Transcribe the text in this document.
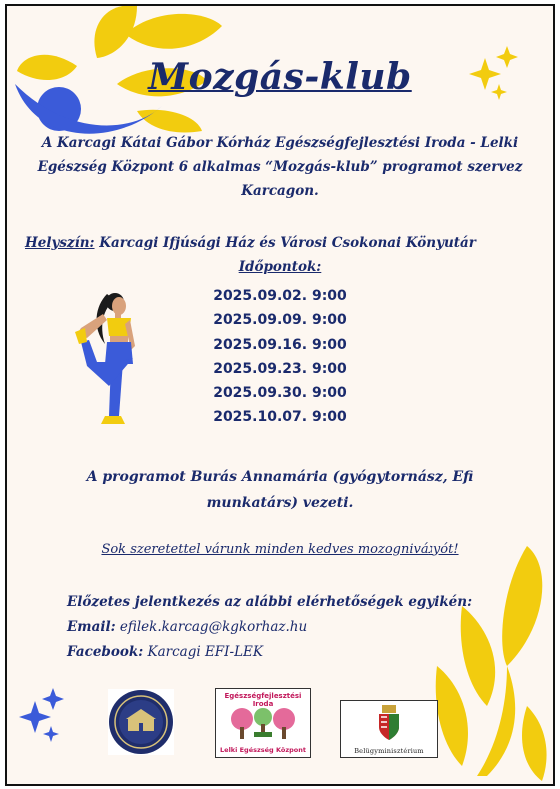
Mozgás-klub
A Karcagi Kátai Gábor Kórház Egészségfejlesztési Iroda - Lelki Egészség Központ 6 alkalmas “Mozgás-klub” programot szervez Karcagon.
Helyszín: Karcagi Ifjúsági Ház és Városi Csokonai Könyutár
Időpontok:
2025.09.02. 9:00
2025.09.09. 9:00
2025.09.16. 9:00
2025.09.23. 9:00
2025.09.30. 9:00
2025.10.07. 9:00
A programot Burás Annamária (gyógytornász, Efi munkatárs) vezeti.
Sok szeretettel várunk minden kedves mozogniváגyót!
Előzetes jelentkezés az alábbi elérhetőségek egyikén:
Email: efilek.karcag@kgkorhaz.hu
Facebook: Karcagi EFI-LEK
Egészségfejlesztési Iroda
Lelki Egészség Központ	Belügyminisztérium
